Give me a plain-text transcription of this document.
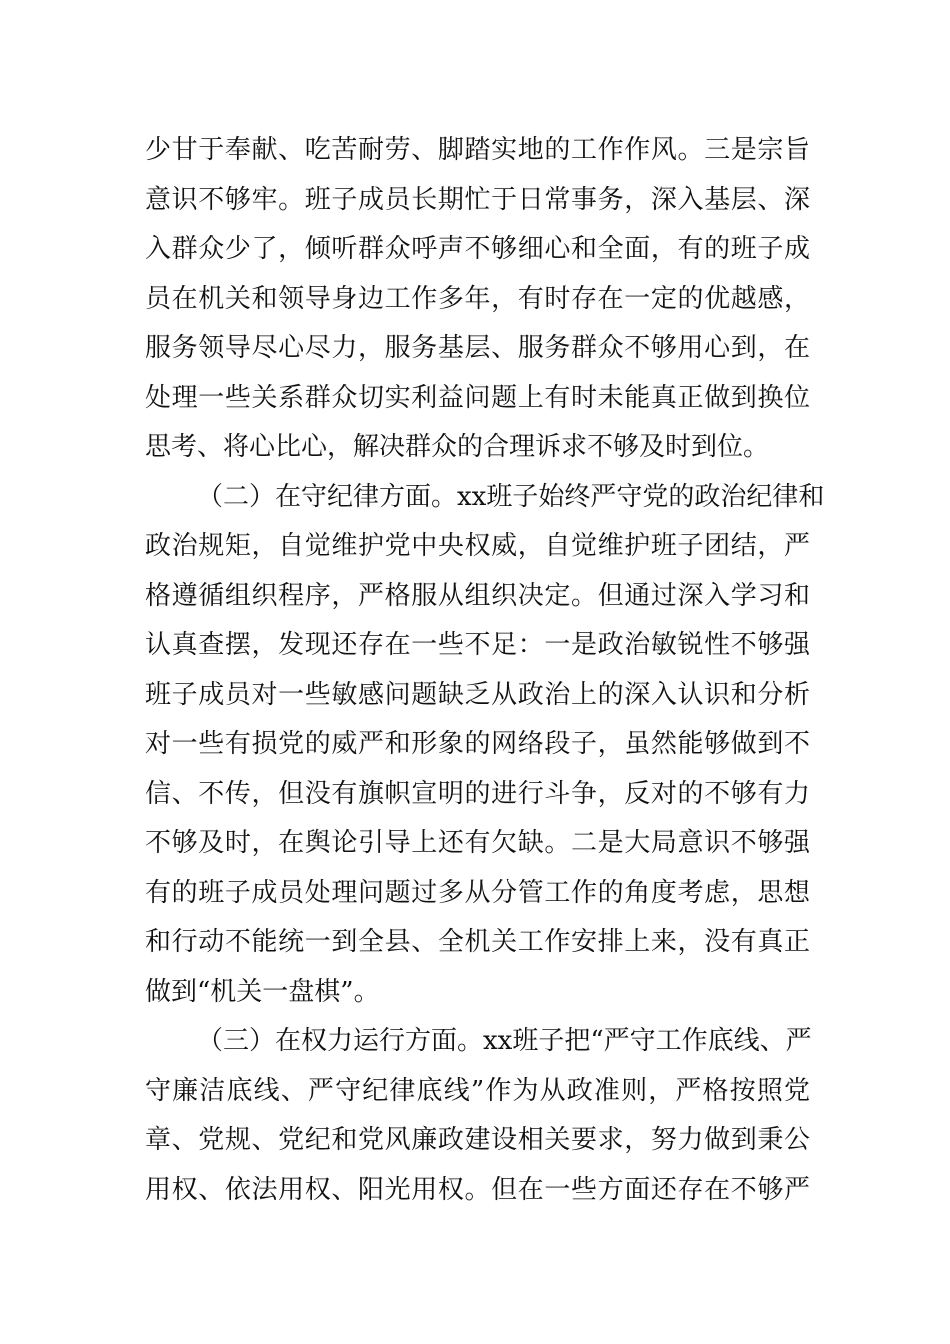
少甘于奉献、吃苦耐劳、脚踏实地的工作作风。三是宗旨
意识不够牢。班子成员长期忙于日常事务，深入基层、深
入群众少了，倾听群众呼声不够细心和全面，有的班子成
员在机关和领导身边工作多年，有时存在一定的优越感，
服务领导尽心尽力，服务基层、服务群众不够用心到，在
处理一些关系群众切实利益问题上有时未能真正做到换位
思考、将心比心，解决群众的合理诉求不够及时到位。
（二）在守纪律方面。xx班子始终严守党的政治纪律和
政治规矩，自觉维护党中央权威，自觉维护班子团结，严
格遵循组织程序，严格服从组织决定。但通过深入学习和
认真查摆，发现还存在一些不足：一是政治敏锐性不够强
班子成员对一些敏感问题缺乏从政治上的深入认识和分析
对一些有损党的威严和形象的网络段子，虽然能够做到不
信、不传，但没有旗帜宣明的进行斗争，反对的不够有力
不够及时，在舆论引导上还有欠缺。二是大局意识不够强
有的班子成员处理问题过多从分管工作的角度考虑，思想
和行动不能统一到全县、全机关工作安排上来，没有真正
做到“机关一盘棋”。
（三）在权力运行方面。xx班子把“严守工作底线、严
守廉洁底线、严守纪律底线”作为从政准则，严格按照党
章、党规、党纪和党风廉政建设相关要求，努力做到秉公
用权、依法用权、阳光用权。但在一些方面还存在不够严
